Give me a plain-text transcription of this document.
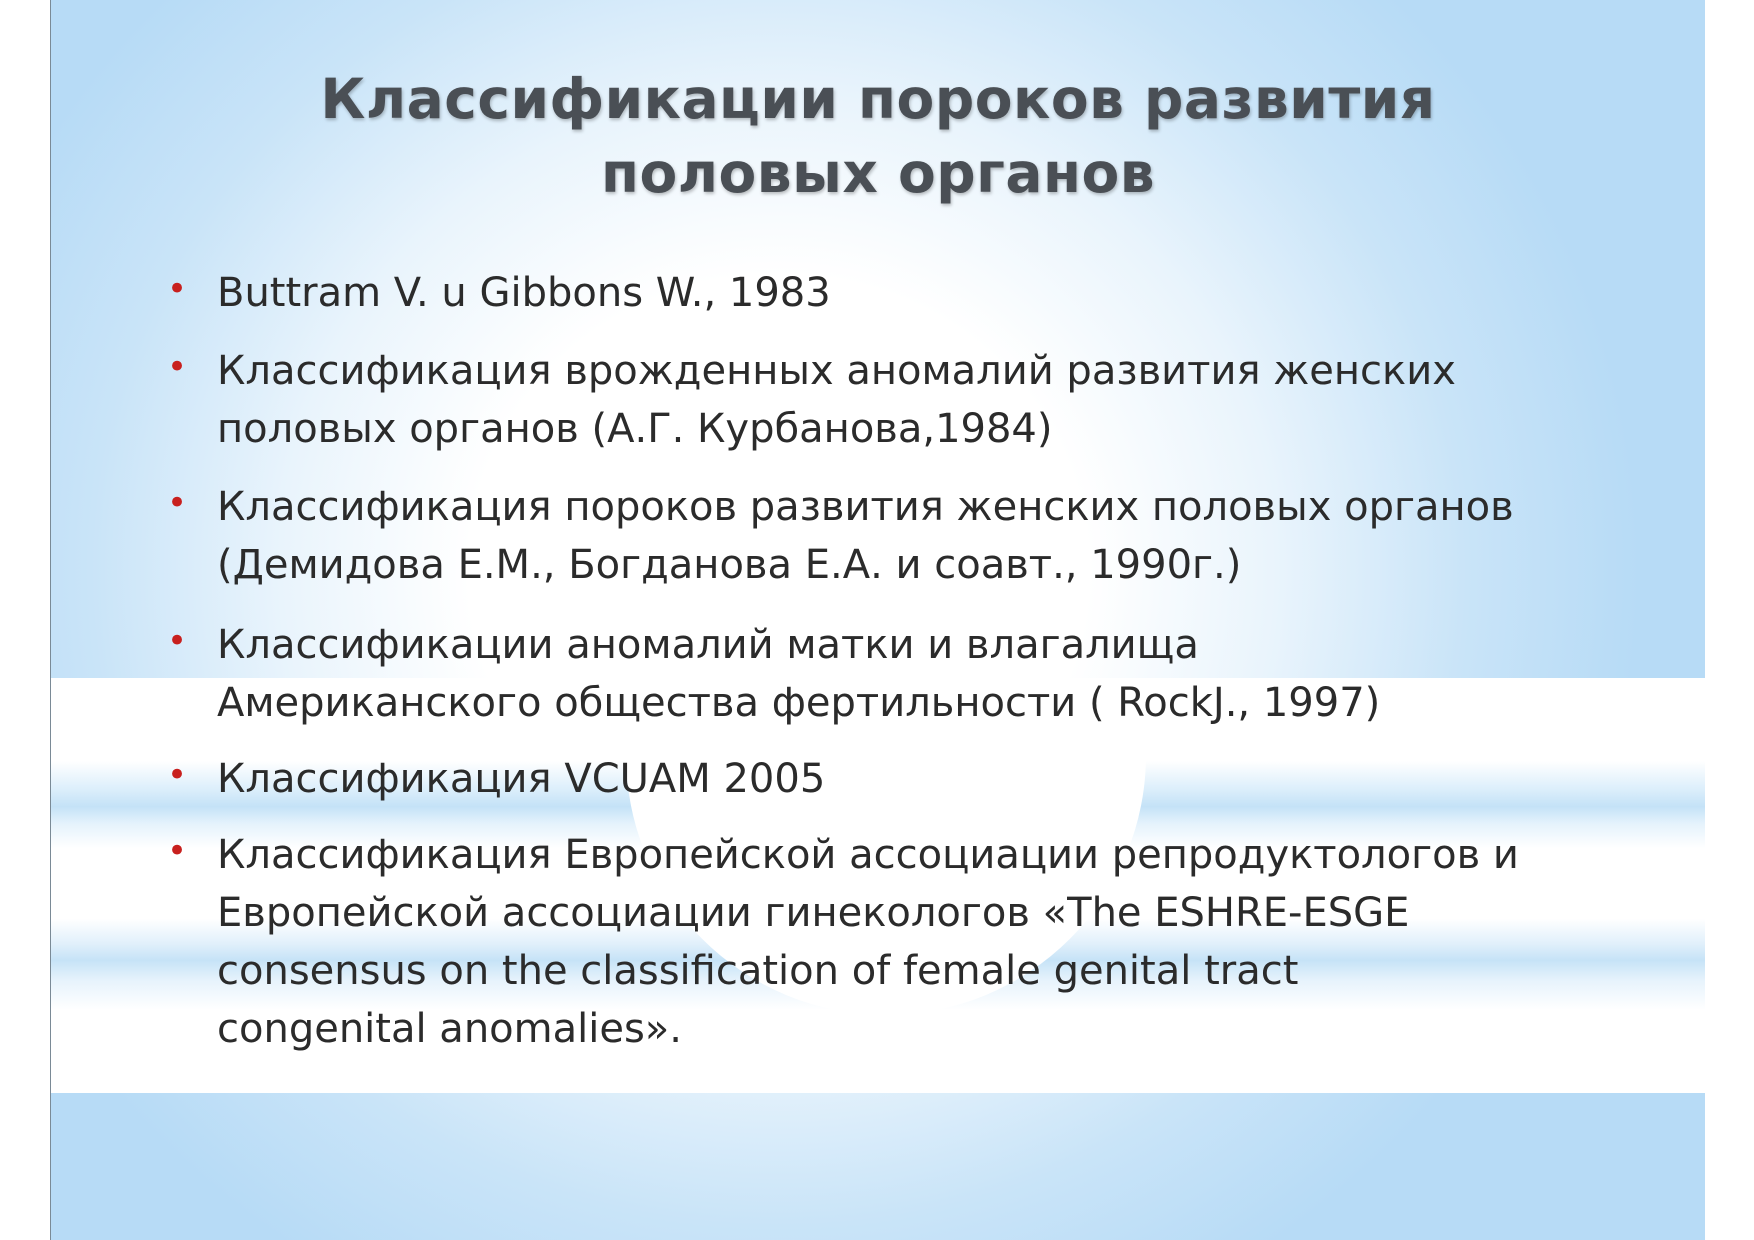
Классификации пороков развития
половых органов
• Buttram V. u Gibbons W., 1983
• Классификация врожденных аномалий развития женских
половых органов (А.Г. Курбанова,1984)
• Классификация пороков развития женских половых органов
(Демидова Е.М., Богданова Е.А. и соавт., 1990г.)
• Классификации аномалий матки и влагалища
Американского общества фертильности ( RockJ., 1997)
• Классификация VCUAM 2005
• Классификация Европейской ассоциации репродуктологов и
Европейской ассоциации гинекологов «The ESHRE-ESGE
consensus on the classification of female genital tract
congenital anomalies».
